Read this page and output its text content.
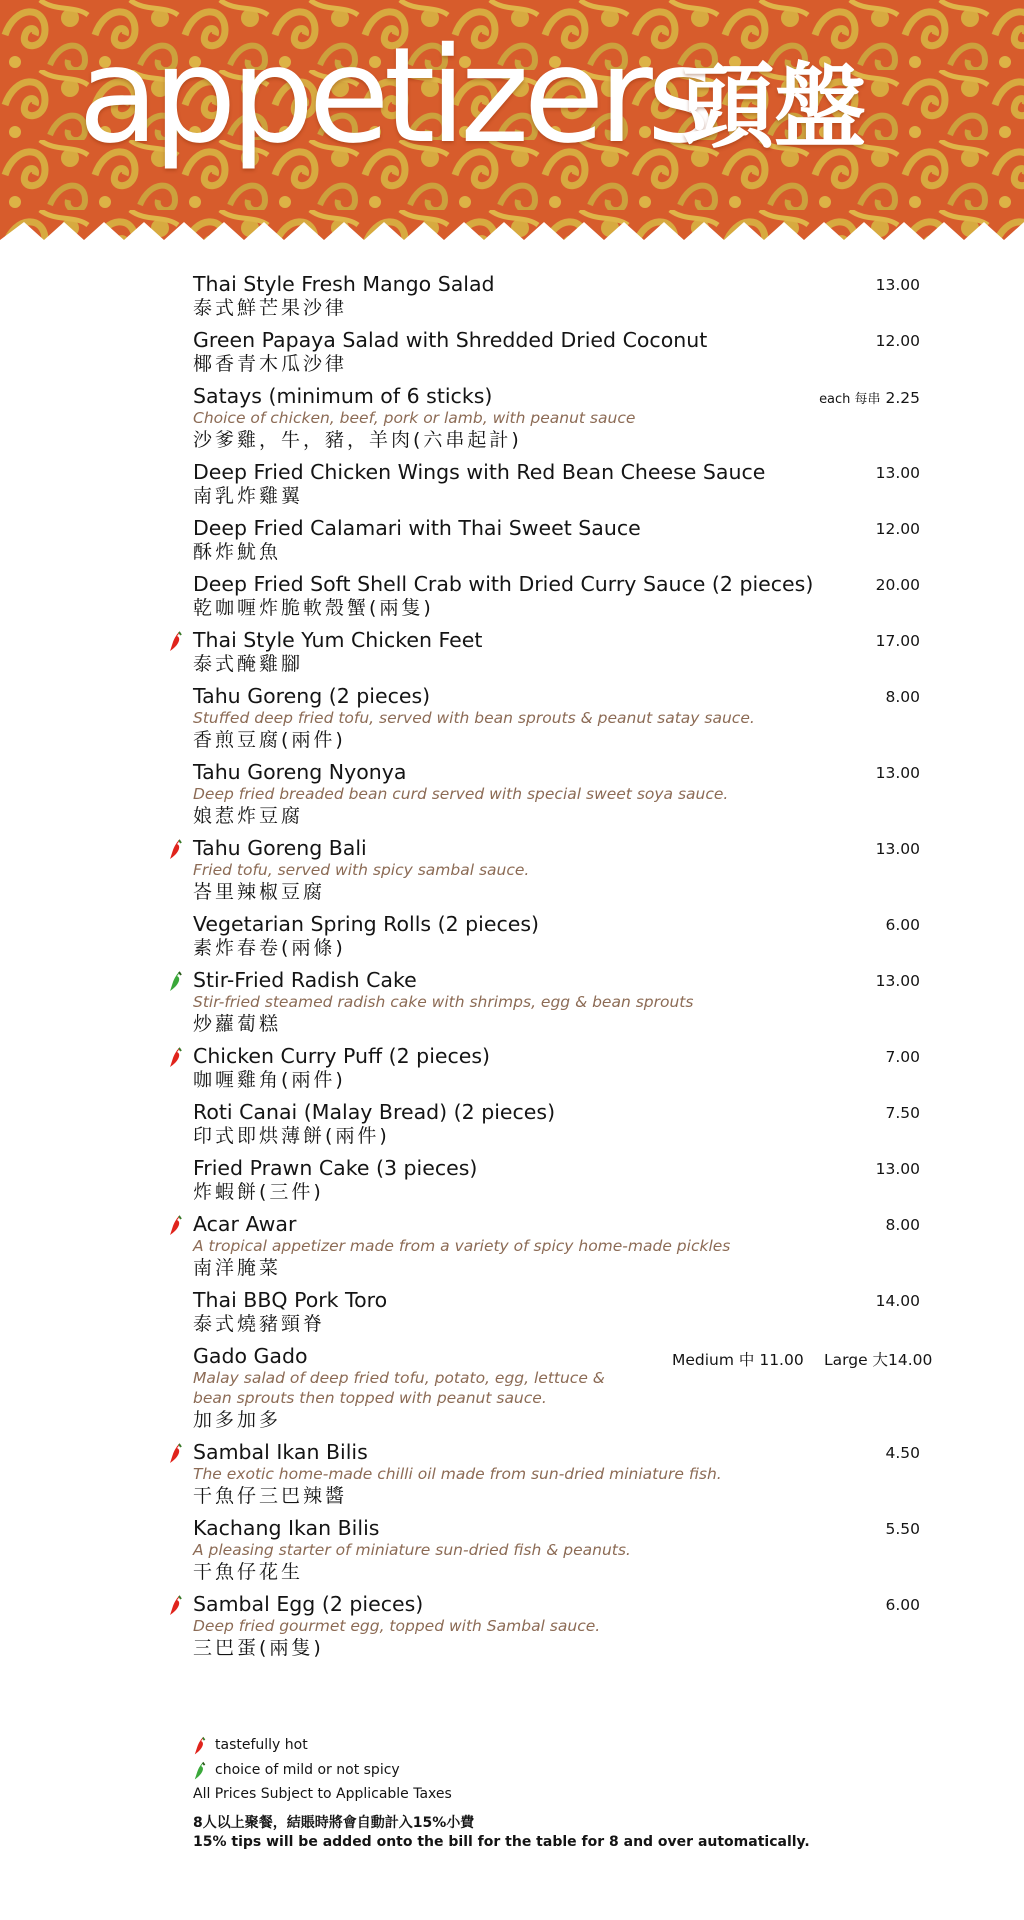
appetizers
頭盤
Thai Style Fresh Mango Salad
泰式鮮芒果沙律
13.00
Green Papaya Salad with Shredded Dried Coconut
椰香青木瓜沙律
12.00
Satays (minimum of 6 sticks)
Choice of chicken, beef, pork or lamb, with peanut sauce
沙爹雞，牛，豬，羊肉(六串起計)
each 每串 2.25
Deep Fried Chicken Wings with Red Bean Cheese Sauce
南乳炸雞翼
13.00
Deep Fried Calamari with Thai Sweet Sauce
酥炸魷魚
12.00
Deep Fried Soft Shell Crab with Dried Curry Sauce (2 pieces)
乾咖喱炸脆軟殼蟹(兩隻)
20.00
Thai Style Yum Chicken Feet
泰式醃雞腳
17.00
Tahu Goreng (2 pieces)
Stuffed deep fried tofu, served with bean sprouts & peanut satay sauce.
香煎豆腐(兩件)
8.00
Tahu Goreng Nyonya
Deep fried breaded bean curd served with special sweet soya sauce.
娘惹炸豆腐
13.00
Tahu Goreng Bali
Fried tofu, served with spicy sambal sauce.
峇里辣椒豆腐
13.00
Vegetarian Spring Rolls (2 pieces)
素炸春卷(兩條)
6.00
Stir-Fried Radish Cake
Stir-fried steamed radish cake with shrimps, egg & bean sprouts
炒蘿蔔糕
13.00
Chicken Curry Puff (2 pieces)
咖喱雞角(兩件)
7.00
Roti Canai (Malay Bread) (2 pieces)
印式即烘薄餅(兩件)
7.50
Fried Prawn Cake (3 pieces)
炸蝦餅(三件)
13.00
Acar Awar
A tropical appetizer made from a variety of spicy home-made pickles
南洋腌菜
8.00
Thai BBQ Pork Toro
泰式燒豬頸脊
14.00
Gado Gado
Malay salad of deep fried tofu, potato, egg, lettuce &
bean sprouts then topped with peanut sauce.
加多加多
Medium 中 11.00 Large 大14.00
Sambal Ikan Bilis
The exotic home-made chilli oil made from sun-dried miniature fish.
干魚仔三巴辣醬
4.50
Kachang Ikan Bilis
A pleasing starter of miniature sun-dried fish & peanuts.
干魚仔花生
5.50
Sambal Egg (2 pieces)
Deep fried gourmet egg, topped with Sambal sauce.
三巴蛋(兩隻)
6.00
tastefully hot
choice of mild or not spicy
All Prices Subject to Applicable Taxes
8人以上聚餐，結賬時將會自動計入15%小費
15% tips will be added onto the bill for the table for 8 and over automatically.
